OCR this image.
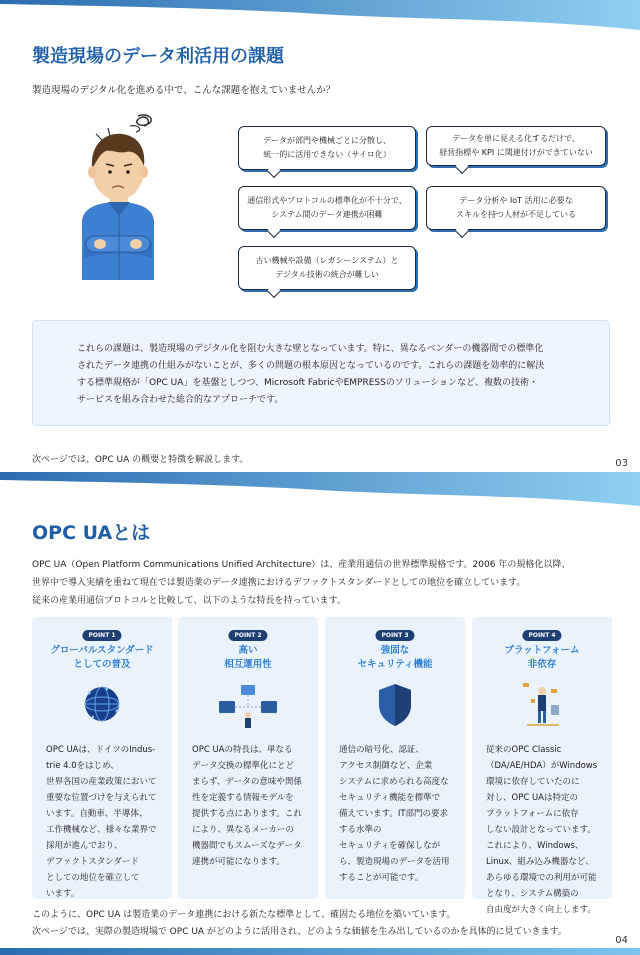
製造現場のデータ利活用の課題
製造現場のデジタル化を進める中で、こんな課題を抱えていませんか？
データが部門や機械ごとに分散し、
統一的に活用できない（サイロ化）
データを単に見える化するだけで、
経営指標や KPI に関連付けができていない
通信形式やプロトコルの標準化が不十分で、
システム間のデータ連携が困難
データ分析や IoT 活用に必要な
スキルを持つ人材が不足している
古い機械や設備（レガシーシステム）と
デジタル技術の統合が難しい
これらの課題は、製造現場のデジタル化を阻む大きな壁となっています。特に、異なるベンダーの機器間での標準化
されたデータ連携の仕組みがないことが、多くの問題の根本原因となっているのです。これらの課題を効率的に解決
する標準規格が「OPC UA」を基盤としつつ、Microsoft FabricやEMPRESSのソリューションなど、複数の技術・
サービスを組み合わせた総合的なアプローチです。
次ページでは、OPC UA の概要と特徴を解説します。	03
OPC UAとは
OPC UA（Open Platform Communications Unified Architecture）は、産業用通信の世界標準規格です。2006 年の規格化以降、
世界中で導入実績を重ねて現在では製造業のデータ連携におけるデファクトスタンダードとしての地位を確立しています。
従来の産業用通信プロトコルと比較して、以下のような特長を持っています。
POINT 1
グローバルスタンダード
としての普及
OPC UAは、ドイツのIndus-
trie 4.0をはじめ、
世界各国の産業政策において
重要な位置づけを与えられて
います。自動車、半導体、
工作機械など、様々な業界で
採用が進んでおり、
デファクトスタンダード
としての地位を確立して
います。
POINT 2
高い
相互運用性
OPC UAの特長は、単なる
データ交換の標準化にとど
まらず、データの意味や関係
性を定義する情報モデルを
提供する点にあります。これ
により、異なるメーカーの
機器間でもスムーズなデータ
連携が可能になります。
POINT 3
強固な
セキュリティ機能
通信の暗号化、認証、
アクセス制御など、企業
システムに求められる高度な
セキュリティ機能を標準で
備えています。IT部門の要求
する水準の
セキュリティを確保しなが
ら、製造現場のデータを活用
することが可能です。
POINT 4
プラットフォーム
非依存
従来のOPC Classic
（DA/AE/HDA）がWindows
環境に依存していたのに
対し、OPC UAは特定の
プラットフォームに依存
しない設計となっています。
これにより、Windows、
Linux、組み込み機器など、
あらゆる環境での利用が可能
となり、システム構築の
自由度が大きく向上します。
このように、OPC UA は製造業のデータ連携における新たな標準として、確固たる地位を築いています。
次ページでは、実際の製造現場で OPC UA がどのように活用され、どのような価値を生み出しているのかを具体的に見ていきます。
04
